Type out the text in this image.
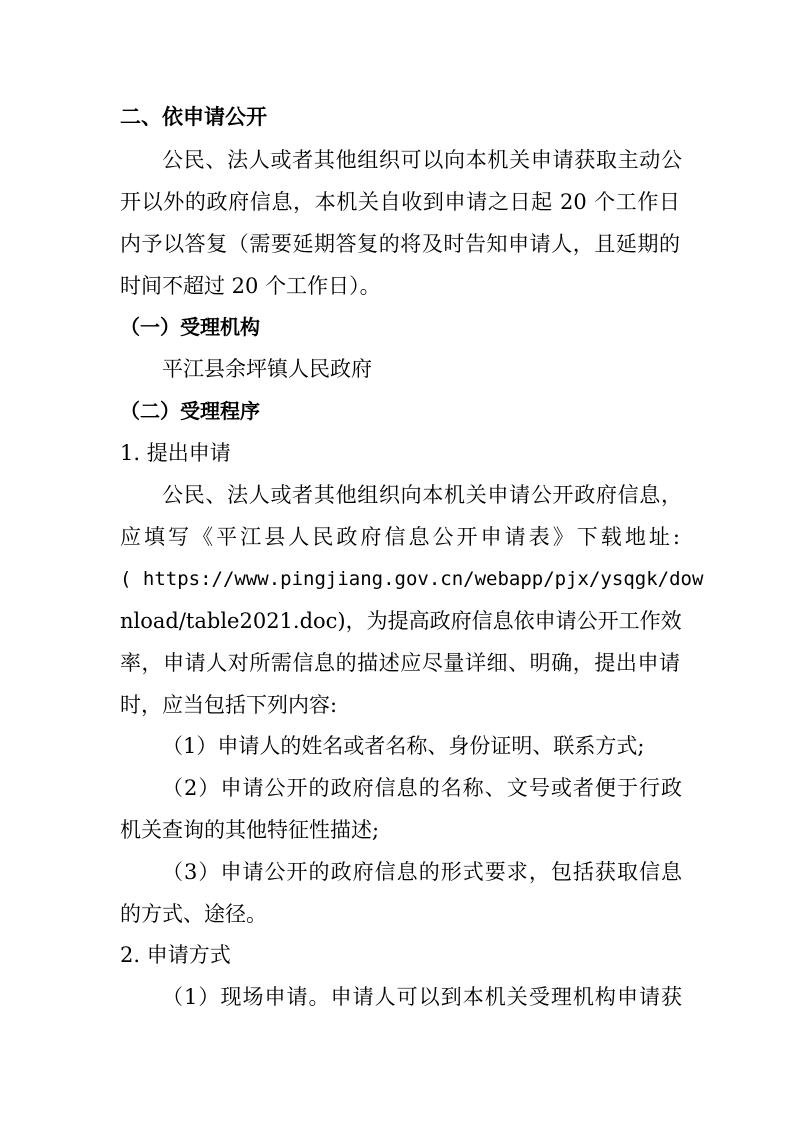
二、依申请公开

公民、法人或者其他组织可以向本机关申请获取主动公

开以外的政府信息，本机关自收到申请之日起 20 个工作日

内予以答复（需要延期答复的将及时告知申请人，且延期的

时间不超过 20 个工作日）。

（一）受理机构

平江县余坪镇人民政府

（二）受理程序

1. 提出申请

公民、法人或者其他组织向本机关申请公开政府信息，

应填写《平江县人民政府信息公开申请表》下载地址:

( https://www.pingjiang.gov.cn/webapp/pjx/ysqgk/dow

nload/table2021.doc)，为提高政府信息依申请公开工作效

率，申请人对所需信息的描述应尽量详细、明确，提出申请

时，应当包括下列内容:

（1）申请人的姓名或者名称、身份证明、联系方式;

（2）申请公开的政府信息的名称、文号或者便于行政

机关查询的其他特征性描述;

（3）申请公开的政府信息的形式要求，包括获取信息

的方式、途径。

2. 申请方式

（1）现场申请。申请人可以到本机关受理机构申请获
